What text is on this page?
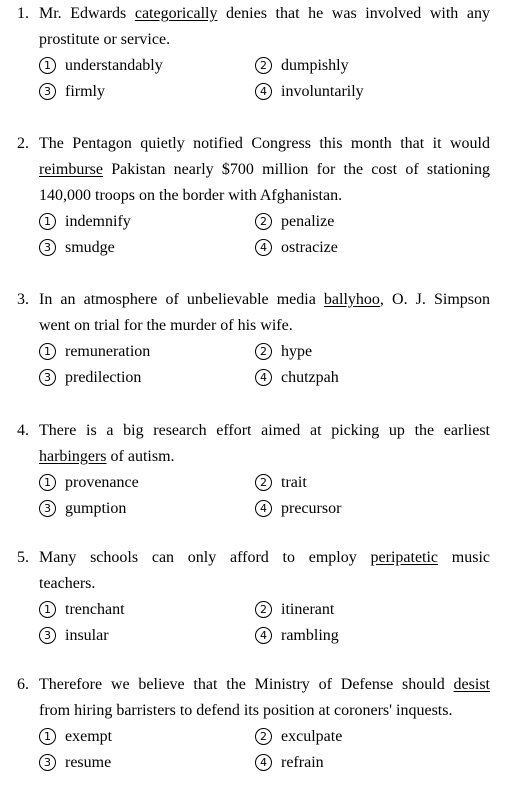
1. Mr. Edwards categorically denies that he was involved with any
prostitute or service.
1 understandably	2 dumpishly
3 firmly	4 involuntarily
2. The Pentagon quietly notified Congress this month that it would
reimburse Pakistan nearly $700 million for the cost of stationing
140,000 troops on the border with Afghanistan.
1 indemnify	2 penalize
3 smudge	4 ostracize
3. In an atmosphere of unbelievable media ballyhoo, O. J. Simpson
went on trial for the murder of his wife.
1 remuneration	2 hype
3 predilection	4 chutzpah
4. There is a big research effort aimed at picking up the earliest
harbingers of autism.
1 provenance	2 trait
3 gumption	4 precursor
5. Many schools can only afford to employ peripatetic music
teachers.
1 trenchant	2 itinerant
3 insular	4 rambling
6. Therefore we believe that the Ministry of Defense should desist
from hiring barristers to defend its position at coroners' inquests.
1 exempt	2 exculpate
3 resume	4 refrain
